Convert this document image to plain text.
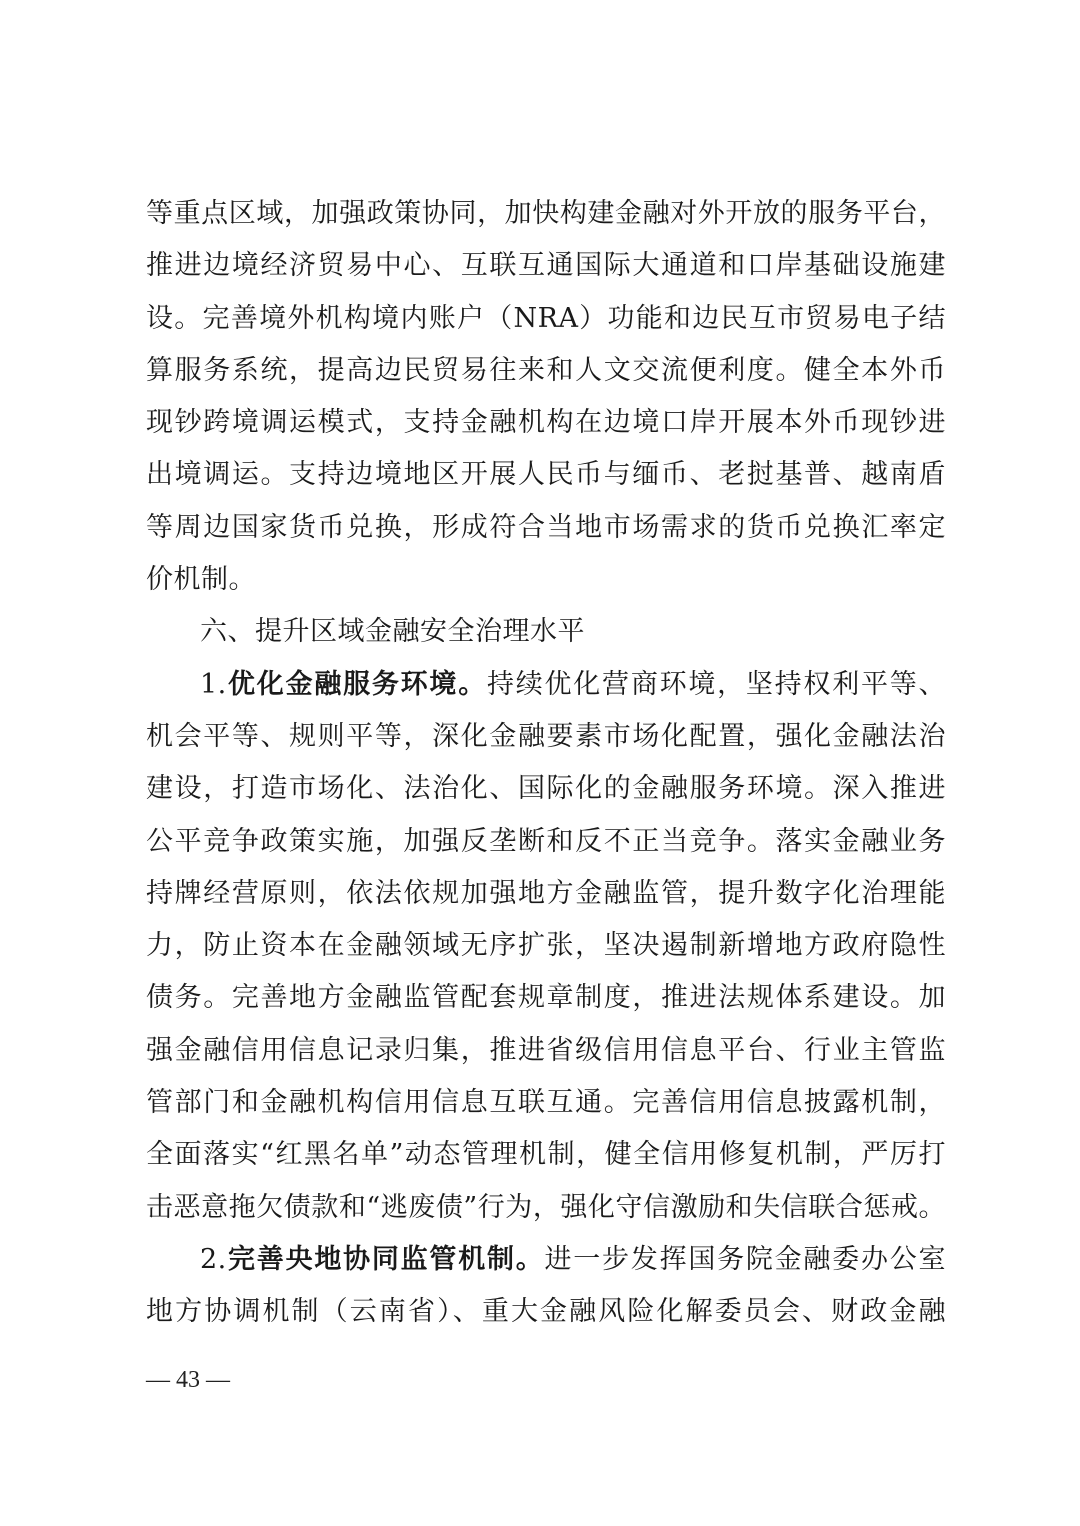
等重点区域，加强政策协同，加快构建金融对外开放的服务平台，
推进边境经济贸易中心、互联互通国际大通道和口岸基础设施建
设。完善境外机构境内账户（NRA）功能和边民互市贸易电子结
算服务系统，提高边民贸易往来和人文交流便利度。健全本外币
现钞跨境调运模式，支持金融机构在边境口岸开展本外币现钞进
出境调运。支持边境地区开展人民币与缅币、老挝基普、越南盾
等周边国家货币兑换，形成符合当地市场需求的货币兑换汇率定
价机制。
六、提升区域金融安全治理水平
1.优化金融服务环境。持续优化营商环境，坚持权利平等、
机会平等、规则平等，深化金融要素市场化配置，强化金融法治
建设，打造市场化、法治化、国际化的金融服务环境。深入推进
公平竞争政策实施，加强反垄断和反不正当竞争。落实金融业务
持牌经营原则，依法依规加强地方金融监管，提升数字化治理能
力，防止资本在金融领域无序扩张，坚决遏制新增地方政府隐性
债务。完善地方金融监管配套规章制度，推进法规体系建设。加
强金融信用信息记录归集，推进省级信用信息平台、行业主管监
管部门和金融机构信用信息互联互通。完善信用信息披露机制，
全面落实“红黑名单”动态管理机制，健全信用修复机制，严厉打
击恶意拖欠债款和“逃废债”行为，强化守信激励和失信联合惩戒。
2.完善央地协同监管机制。进一步发挥国务院金融委办公室
地方协调机制（云南省）、重大金融风险化解委员会、财政金融
— 43 —
